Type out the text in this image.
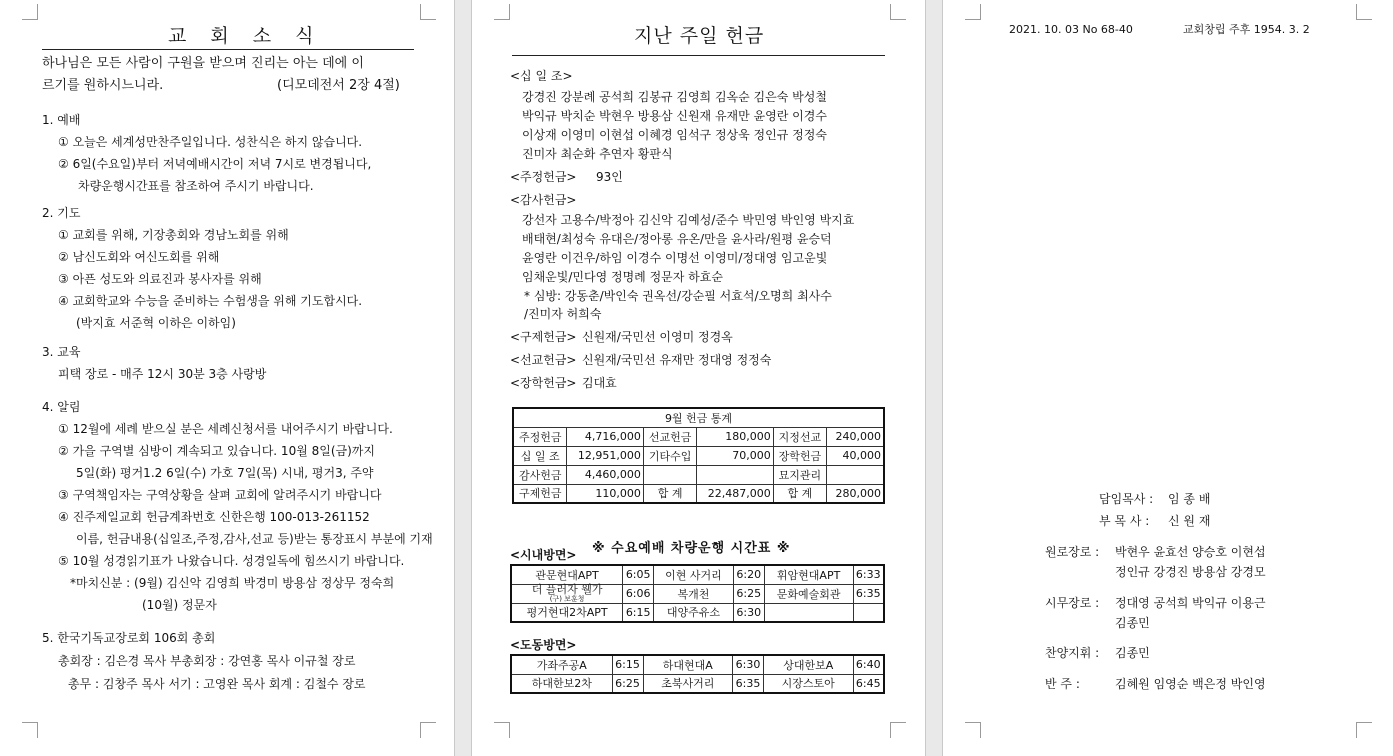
교 회 소 식
하나님은 모든 사람이 구원을 받으며 진리는 아는 데에 이
르기를 원하시느니라.	(디모데전서 2장 4절)
1. 예배
① 오늘은 세계성만찬주일입니다. 성찬식은 하지 않습니다.
② 6일(수요일)부터 저녁예배시간이 저녁 7시로 변경됩니다,
차량운행시간표를 참조하여 주시기 바랍니다.
2. 기도
① 교회를 위해, 기장총회와 경남노회를 위해
② 남신도회와 여신도회를 위해
③ 아픈 성도와 의료진과 봉사자를 위해
④ 교회학교와 수능을 준비하는 수험생을 위해 기도합시다.
(박지효 서준혁 이하은 이하임)
3. 교육
피택 장로 - 매주 12시 30분 3층 사랑방
4. 알림
① 12월에 세례 받으실 분은 세례신청서를 내어주시기 바랍니다.
② 가을 구역별 심방이 계속되고 있습니다. 10월 8일(금)까지
5일(화) 평거1.2 6일(수) 가호 7일(목) 시내, 평거3, 주약
③ 구역책임자는 구역상황을 살펴 교회에 알려주시기 바랍니다
④ 진주제일교회 헌금계좌번호 신한은행 100-013-261152
이름, 헌금내용(십일조,주정,감사,선교 등)받는 통장표시 부분에 기재
⑤ 10월 성경읽기표가 나왔습니다. 성경일독에 힘쓰시기 바랍니다.
*마치신분 : (9월) 김신악 김영희 박경미 방용삼 정상무 정숙희
(10월) 정문자
5. 한국기독교장로회 106회 총회
총회장 : 김은경 목사 부총회장 : 강연홍 목사 이규철 장로
총무 : 김창주 목사 서기 : 고영완 목사 회계 : 김철수 장로
지난 주일 헌금
<십 일 조>
강경진 강분례 공석희 김봉규 김영희 김옥순 김은숙 박성철
박익규 박치순 박현우 방용삼 신원재 유재만 윤영란 이경수
이상재 이영미 이현섭 이혜경 임석구 정상욱 정인규 정정숙
진미자 최순화 추연자 황판식
<주정헌금> 93인
<감사헌금>
강선자 고용수/박정아 김신악 김예성/준수 박민영 박인영 박지효
배태현/최성숙 유대은/정아롱 유온/만을 윤사라/원평 윤승덕
윤영란 이건우/하임 이경수 이명선 이영미/정대영 임고운빛
임채운빛/민다영 정명례 정문자 하효순
* 심방: 강동춘/박인숙 권옥선/강순필 서효석/오명희 최사수
/진미자 허희숙
<구제헌금> 신원재/국민선 이영미 정경옥
<선교헌금> 신원재/국민선 유재만 정대영 정정숙
<장학헌금> 김대효
9월 헌금 통계					
주정헌금	4,716,000	선교헌금	180,000	지정선교	240,000
십 일 조	12,951,000	기타수입	70,000	장학헌금	40,000
감사헌금	4,460,000			묘지관리	
구제헌금	110,000	합 계	22,487,000	합 계	280,000
※ 수요예배 차량운행 시간표 ※
<시내방면>
관문현대APT	6:05	이현 사거리	6:20	휘암현대APT	6:33
더 플러자 웰가
(구) 보훈청	6:06	복개천	6:25	문화예술회관	6:35
평거현대2차APT	6:15	대양주유소	6:30		
<도동방면>
가좌주공A	6:15	하대현대A	6:30	상대한보A	6:40
하대한보2차	6:25	초북사거리	6:35	시장스토아	6:45
2021. 10. 03 No 68-40	교회창립 주후 1954. 3. 2
담임목사 : 임 종 배
부 목 사 : 신 원 재
원로장로 : 박현우 윤효선 양승호 이현섭
정인규 강경진 방용삼 강경모
시무장로 : 정대영 공석희 박익규 이용근
김종민
찬양지휘 : 김종민
반 주 :	김혜원 임영순 백은정 박인영
